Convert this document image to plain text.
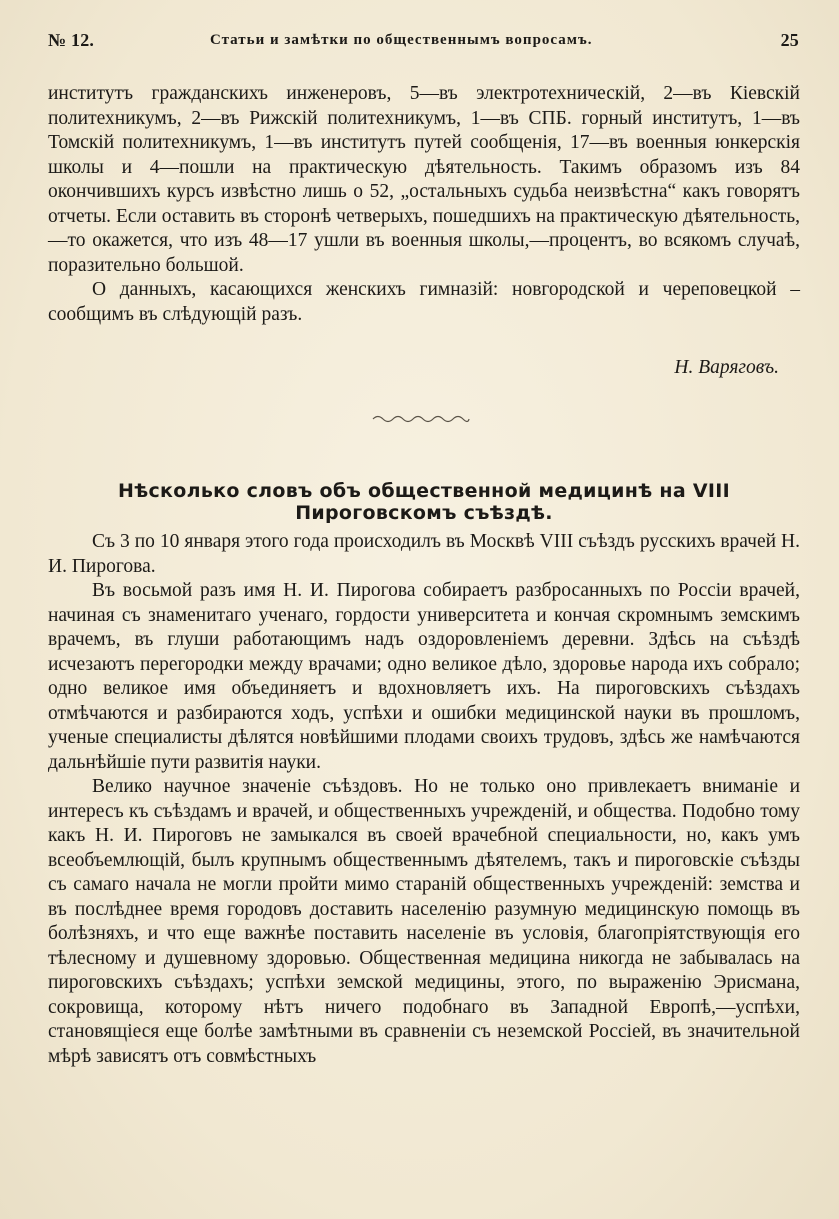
№ 12.	Статьи и замѣтки по общественнымъ вопросамъ.	25

институтъ гражданскихъ инженеровъ, 5—въ электротехническiй, 2—въ Кiевскiй политехникумъ, 2—въ Рижскiй политехникумъ, 1—въ СПБ. горный институтъ, 1—въ Томскiй политехникумъ, 1—въ институтъ путей сообщенiя, 17—въ военныя юнкерскiя школы и 4—пошли на практическую дѣятельность. Такимъ образомъ изъ 84 окончившихъ курсъ извѣстно лишь о 52, „остальныхъ судьба неизвѣстна“ какъ говорятъ отчеты. Если оставить въ сторонѣ четверыхъ, пошедшихъ на практическую дѣятельность,—то окажется, что изъ 48—17 ушли въ военныя школы,—процентъ, во всякомъ случаѣ, поразительно большой.

О данныхъ, касающихся женскихъ гимназiй: новгородской и череповецкой – сообщимъ въ слѣдующiй разъ.

Н. Варяговъ.
Нѣсколько словъ объ общественной медицинѣ на VIII Пироговскомъ съѣздѣ.

Съ 3 по 10 января этого года происходилъ въ Москвѣ VIII съѣздъ русскихъ врачей Н. И. Пирогова.

Въ восьмой разъ имя Н. И. Пирогова собираетъ разбросанныхъ по Россiи врачей, начиная съ знаменитаго ученаго, гордости университета и кончая скромнымъ земскимъ врачемъ, въ глуши работающимъ надъ оздоровленiемъ деревни. Здѣсь на съѣздѣ исчезаютъ перегородки между врачами; одно великое дѣло, здоровье народа ихъ собрало; одно великое имя объединяетъ и вдохновляетъ ихъ. На пироговскихъ съѣздахъ отмѣчаются и разбираются ходъ, успѣхи и ошибки медицинской науки въ прошломъ, ученые специалисты дѣлятся новѣйшими плодами своихъ трудовъ, здѣсь же намѣчаются дальнѣйшiе пути развитiя науки.

Велико научное значенiе съѣздовъ. Но не только оно привлекаетъ вниманiе и интересъ къ съѣздамъ и врачей, и общественныхъ учрежденiй, и общества. Подобно тому какъ Н. И. Пироговъ не замыкался въ своей врачебной специальности, но, какъ умъ всеобъемлющiй, былъ крупнымъ общественнымъ дѣятелемъ, такъ и пироговскiе съѣзды съ самаго начала не могли пройти мимо старанiй общественныхъ учрежденiй: земства и въ послѣднее время городовъ доставить населенiю разумную медицинскую помощь въ болѣзняхъ, и что еще важнѣе поставить населенiе въ условiя, благопрiятствующiя его тѣлесному и душевному здоровью. Общественная медицина никогда не забывалась на пироговскихъ съѣздахъ; успѣхи земской медицины, этого, по выраженiю Эрисмана, сокровища, которому нѣтъ ничего подобнаго въ Западной Европѣ,—успѣхи, становящiеся еще болѣе замѣтными въ сравненiи съ неземской Россiей, въ значительной мѣрѣ зависятъ отъ совмѣстныхъ
